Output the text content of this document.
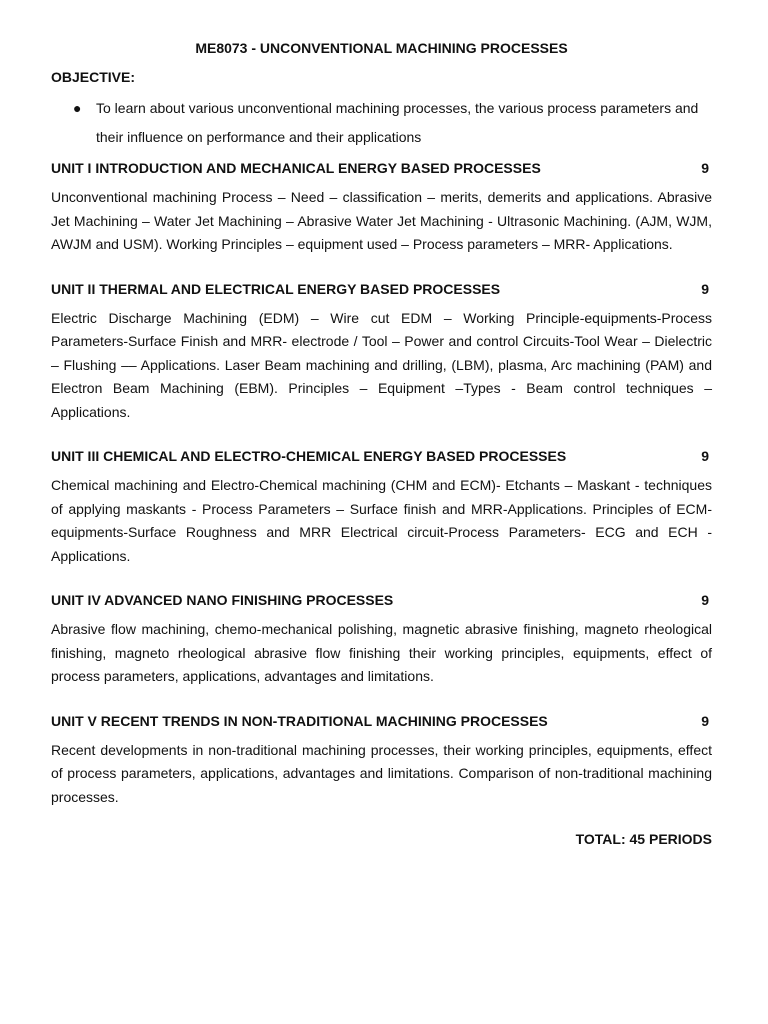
ME8073 - UNCONVENTIONAL MACHINING PROCESSES
OBJECTIVE:
● To learn about various unconventional machining processes, the various process parameters and their influence on performance and their applications
UNIT I INTRODUCTION AND MECHANICAL ENERGY BASED PROCESSES	9

Unconventional machining Process – Need – classification – merits, demerits and applications. Abrasive Jet Machining – Water Jet Machining – Abrasive Water Jet Machining - Ultrasonic Machining. (AJM, WJM, AWJM and USM). Working Principles – equipment used – Process parameters – MRR- Applications.

UNIT II THERMAL AND ELECTRICAL ENERGY BASED PROCESSES	9

Electric Discharge Machining (EDM) – Wire cut EDM – Working Principle-equipments-Process Parameters-Surface Finish and MRR- electrode / Tool – Power and control Circuits-Tool Wear – Dielectric – Flushing –– Applications. Laser Beam machining and drilling, (LBM), plasma, Arc machining (PAM) and Electron Beam Machining (EBM). Principles – Equipment –Types - Beam control techniques – Applications.

UNIT III CHEMICAL AND ELECTRO-CHEMICAL ENERGY BASED PROCESSES	9

Chemical machining and Electro-Chemical machining (CHM and ECM)- Etchants – Maskant - techniques of applying maskants - Process Parameters – Surface finish and MRR-Applications. Principles of ECM- equipments-Surface Roughness and MRR Electrical circuit-Process Parameters- ECG and ECH - Applications.

UNIT IV ADVANCED NANO FINISHING PROCESSES	9

Abrasive flow machining, chemo-mechanical polishing, magnetic abrasive finishing, magneto rheological finishing, magneto rheological abrasive flow finishing their working principles, equipments, effect of process parameters, applications, advantages and limitations.

UNIT V RECENT TRENDS IN NON-TRADITIONAL MACHINING PROCESSES	9

Recent developments in non-traditional machining processes, their working principles, equipments, effect of process parameters, applications, advantages and limitations. Comparison of non-traditional machining processes.

TOTAL: 45 PERIODS
